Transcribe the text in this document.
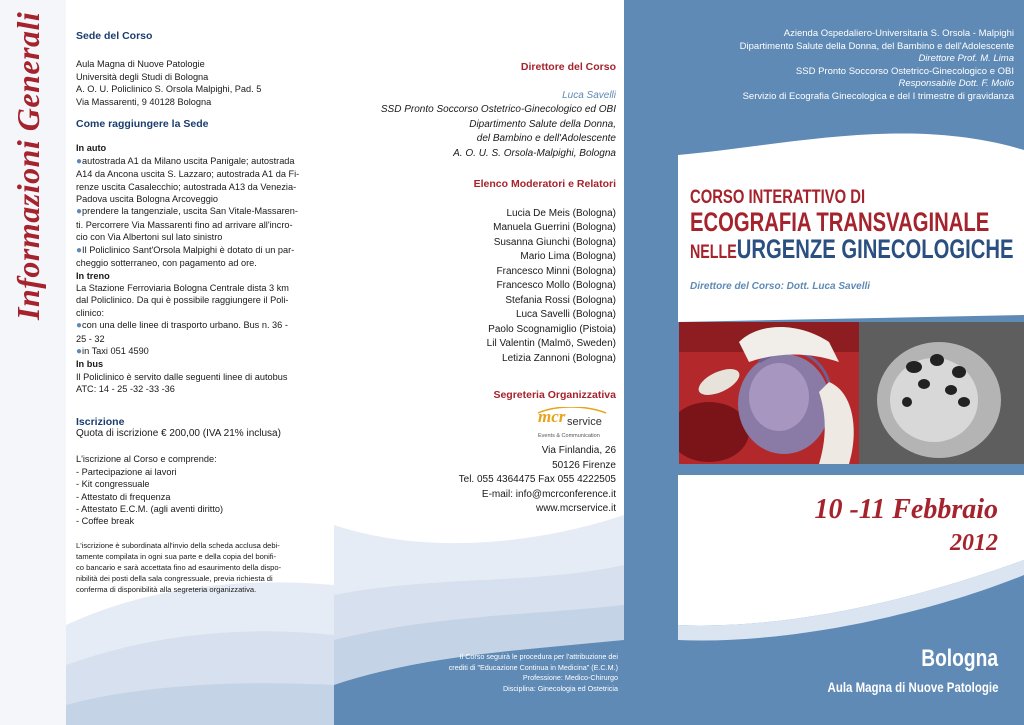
Informazioni Generali	Sede del Corso

Aula Magna di Nuove Patologie

Università degli Studi di Bologna

A. O. U. Policlinico S. Orsola Malpighi, Pad. 5

Via Massarenti, 9 40128 Bologna

Come raggiungere la Sede

In auto

●autostrada A1 da Milano uscita Panigale; autostrada

A14 da Ancona uscita S. Lazzaro; autostrada A1 da Fi-

renze uscita Casalecchio; autostrada A13 da Venezia-

Padova uscita Bologna Arcoveggio

●prendere la tangenziale, uscita San Vitale-Massaren-

ti. Percorrere Via Massarenti fino ad arrivare all'incro-

cio con Via Albertoni sul lato sinistro

●Il Policlinico Sant'Orsola Malpighi è dotato di un par-

cheggio sotterraneo, con pagamento ad ore.

In treno

La Stazione Ferroviaria Bologna Centrale dista 3 km

dal Policlinico. Da qui è possibile raggiungere il Poli-

clinico:

●con una delle linee di trasporto urbano. Bus n. 36 -

25 - 32

●in Taxi 051 4590

In bus

Il Policlinico è servito dalle seguenti linee di autobus

ATC: 14 - 25 -32 -33 -36

Iscrizione

Quota di iscrizione € 200,00 (IVA 21% inclusa)

L'iscrizione al Corso e comprende:

- Partecipazione ai lavori

- Kit congressuale

- Attestato di frequenza

- Attestato E.C.M. (agli aventi diritto)

- Coffee break

L'iscrizione è subordinata all'invio della scheda acclusa debi-

tamente compilata in ogni sua parte e della copia del bonifi-

co bancario e sarà accettata fino ad esaurimento della dispo-

nibilità dei posti della sala congressuale, previa richiesta di

conferma di disponibilità alla segreteria organizzativa.

Direttore del Corso

Luca Savelli

SSD Pronto Soccorso Ostetrico-Ginecologico ed OBI

Dipartimento Salute della Donna,

del Bambino e dell'Adolescente

A. O. U. S. Orsola-Malpighi, Bologna

Elenco Moderatori e Relatori

Lucia De Meis (Bologna)

Manuela Guerrini (Bologna)

Susanna Giunchi (Bologna)

Mario Lima (Bologna)

Francesco Minni (Bologna)

Francesco Mollo (Bologna)

Stefania Rossi (Bologna)

Luca Savelli (Bologna)

Paolo Scognamiglio (Pistoia)

Lil Valentin (Malmö, Sweden)

Letizia Zannoni (Bologna)

Segreteria Organizzativa

mcr service
Events & Communication

Via Finlandia, 26

50126 Firenze

Tel. 055 4364475 Fax 055 4222505

E-mail: info@mcrconference.it

www.mcrservice.it

Il Corso seguirà le procedura per l'attribuzione dei

crediti di "Educazione Continua in Medicina" (E.C.M.)

Professione: Medico-Chirurgo

Disciplina: Ginecologia ed Ostetricia

Azienda Ospedaliero-Universitaria S. Orsola - Malpighi

Dipartimento Salute della Donna, del Bambino e dell'Adolescente

Direttore Prof. M. Lima

SSD Pronto Soccorso Ostetrico-Ginecologico e OBI

Responsabile Dott. F. Mollo

Servizio di Ecografia Ginecologica e del I trimestre di gravidanza

CORSO INTERATTIVO DI

ECOGRAFIA TRANSVAGINALE

NELLEURGENZE GINECOLOGICHE

Direttore del Corso: Dott. Luca Savelli
10 -11 Febbraio
2012
Bologna
Aula Magna di Nuove Patologie
